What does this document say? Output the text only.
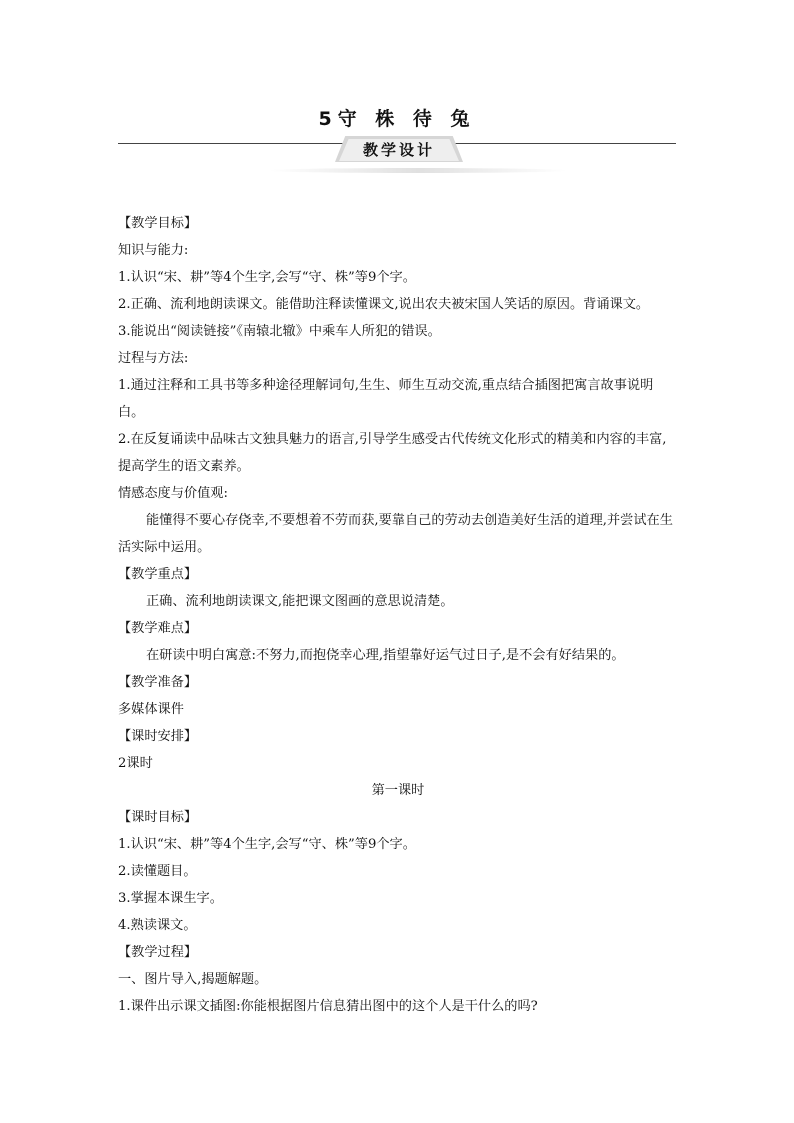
5守 株 待 兔
教学设计

【教学目标】

知识与能力:

1.认识“宋、耕”等4个生字,会写“守、株”等9个字。

2.正确、流利地朗读课文。能借助注释读懂课文,说出农夫被宋国人笑话的原因。背诵课文。

3.能说出“阅读链接”《南辕北辙》中乘车人所犯的错误。

过程与方法:

1.通过注释和工具书等多种途径理解词句,生生、师生互动交流,重点结合插图把寓言故事说明白。

2.在反复诵读中品味古文独具魅力的语言,引导学生感受古代传统文化形式的精美和内容的丰富,提高学生的语文素养。

情感态度与价值观:

能懂得不要心存侥幸,不要想着不劳而获,要靠自己的劳动去创造美好生活的道理,并尝试在生活实际中运用。

【教学重点】

正确、流利地朗读课文,能把课文图画的意思说清楚。

【教学难点】

在研读中明白寓意:不努力,而抱侥幸心理,指望靠好运气过日子,是不会有好结果的。

【教学准备】

多媒体课件

【课时安排】

2课时

第一课时

【课时目标】

1.认识“宋、耕”等4个生字,会写“守、株”等9个字。

2.读懂题目。

3.掌握本课生字。

4.熟读课文。

【教学过程】

一、图片导入,揭题解题。

1.课件出示课文插图:你能根据图片信息猜出图中的这个人是干什么的吗?
